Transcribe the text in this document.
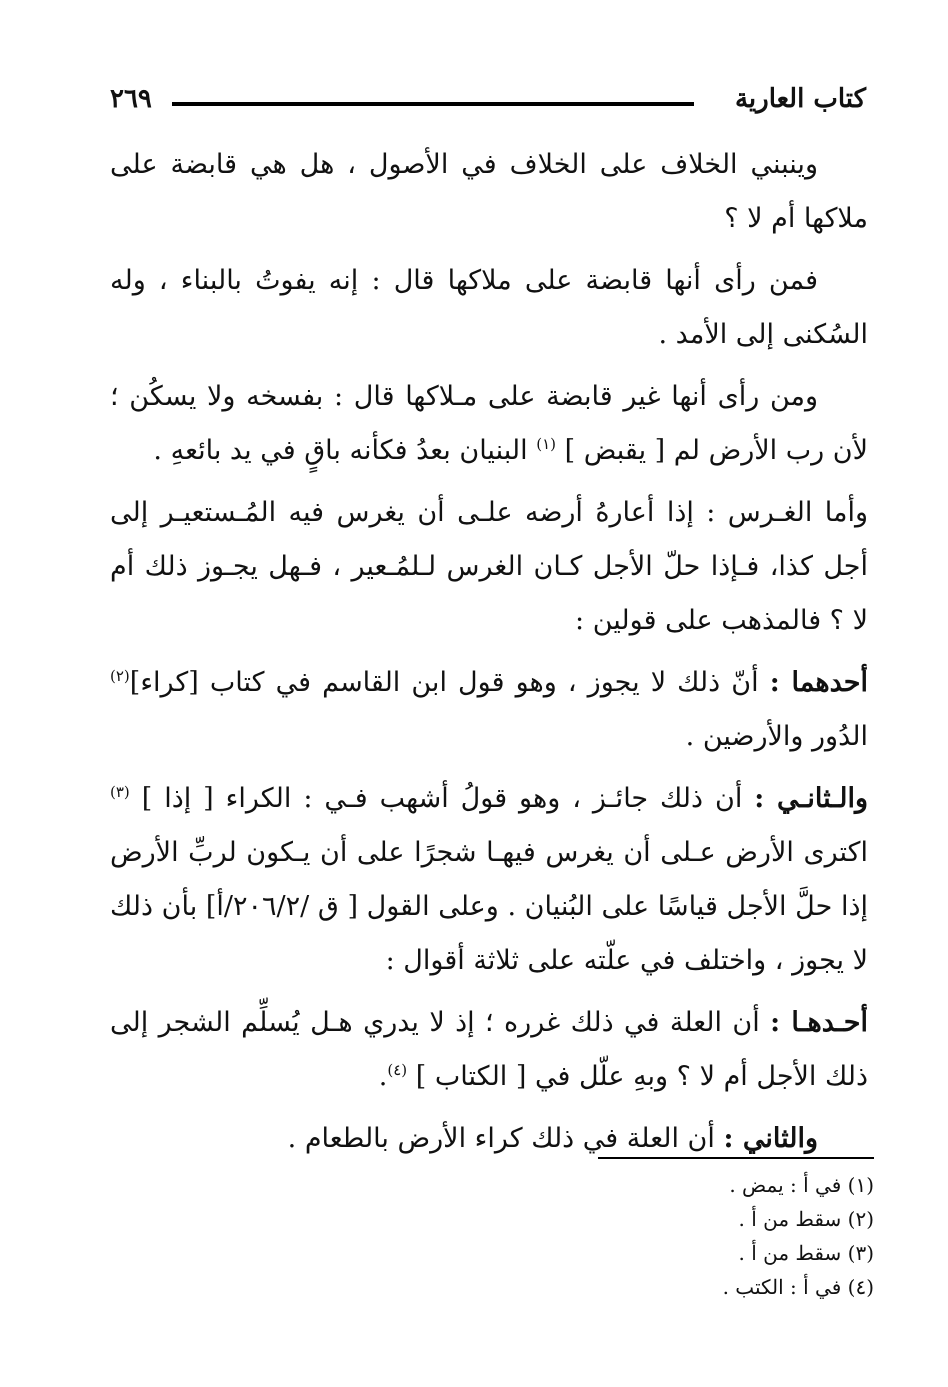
كتاب العارية
٢٦٩

وينبني الخلاف على الخلاف في الأصول ، هل هي قابضة على ملاكها أم لا ؟

فمن رأى أنها قابضة على ملاكها قال : إنه يفوتُ بالبناء ، وله السُكنى إلى الأمد .

ومن رأى أنها غير قابضة على مـلاكها قال : بفسخه ولا يسكُن ؛ لأن رب الأرض لم [ يقبض ] $^{(١)}$ البنيان بعدُ فكأنه باقٍ في يد بائعهِ .

وأما الغـرس : إذا أعارهُ أرضه علـى أن يغرس فيه المُـستعيـر إلى أجل كذا، فـإذا حلّ الأجل كـان الغرس لـلمُـعير ، فـهل يجـوز ذلك أم لا ؟ فالمذهب على قولين :

أحدهما : أنّ ذلك لا يجوز ، وهو قول ابن القاسم في كتاب [كراء]$^{(٢)}$ الدُور والأرضين .

والـثانـي : أن ذلك جائـز ، وهو قولُ أشهب فـي : الكراء [ إذا ] $^{(٣)}$ اكترى الأرض عـلى أن يغرس فيهـا شجرًا على أن يـكون لربِّ الأرض إذا حلَّ الأجل قياسًا على البُنيان . وعلى القول [ ق /٢٠٦/٢/أ] بأن ذلك لا يجوز ، واختلف في علّته على ثلاثة أقوال :

أحـدهـا : أن العلة في ذلك غرره ؛ إذ لا يدري هـل يُسلِّم الشجر إلى ذلك الأجل أم لا ؟ وبهِ علّل في [ الكتاب ] $^{(٤)}$.

والثاني : أن العلة في ذلك كراء الأرض بالطعام .

(١) في أ : يمض .
(٢) سقط من أ .
(٣) سقط من أ .
(٤) في أ : الكتب .
